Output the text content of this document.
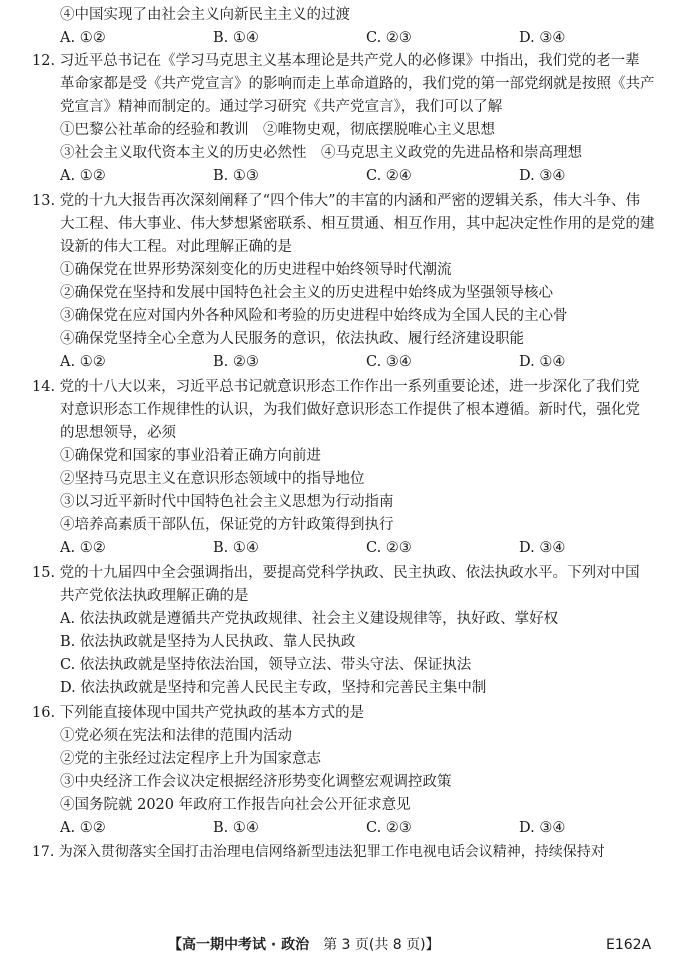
④中国实现了由社会主义向新民主主义的过渡
A. ①②	B. ①④	C. ②③	D. ③④
12. 习近平总书记在《学习马克思主义基本理论是共产党人的必修课》中指出，我们党的老一辈
革命家都是受《共产党宣言》的影响而走上革命道路的，我们党的第一部党纲就是按照《共产
党宣言》精神而制定的。通过学习研究《共产党宣言》，我们可以了解
①巴黎公社革命的经验和教训　②唯物史观，彻底摆脱唯心主义思想
③社会主义取代资本主义的历史必然性　④马克思主义政党的先进品格和崇高理想
A. ①②	B. ①③	C. ②④	D. ③④
13. 党的十九大报告再次深刻阐释了“四个伟大”的丰富的内涵和严密的逻辑关系，伟大斗争、伟
大工程、伟大事业、伟大梦想紧密联系、相互贯通、相互作用，其中起决定性作用的是党的建
设新的伟大工程。对此理解正确的是
①确保党在世界形势深刻变化的历史进程中始终领导时代潮流
②确保党在坚持和发展中国特色社会主义的历史进程中始终成为坚强领导核心
③确保党在应对国内外各种风险和考验的历史进程中始终成为全国人民的主心骨
④确保党坚持全心全意为人民服务的意识，依法执政、履行经济建设职能
A. ①②	B. ②③	C. ③④	D. ①④
14. 党的十八大以来，习近平总书记就意识形态工作作出一系列重要论述，进一步深化了我们党
对意识形态工作规律性的认识，为我们做好意识形态工作提供了根本遵循。新时代，强化党
的思想领导，必须
①确保党和国家的事业沿着正确方向前进
②坚持马克思主义在意识形态领域中的指导地位
③以习近平新时代中国特色社会主义思想为行动指南
④培养高素质干部队伍，保证党的方针政策得到执行
A. ①②	B. ①④	C. ②③	D. ③④
15. 党的十九届四中全会强调指出，要提高党科学执政、民主执政、依法执政水平。下列对中国
共产党依法执政理解正确的是
A. 依法执政就是遵循共产党执政规律、社会主义建设规律等，执好政、掌好权
B. 依法执政就是坚持为人民执政、靠人民执政
C. 依法执政就是坚持依法治国，领导立法、带头守法、保证执法
D. 依法执政就是坚持和完善人民民主专政，坚持和完善民主集中制
16. 下列能直接体现中国共产党执政的基本方式的是
①党必须在宪法和法律的范围内活动
②党的主张经过法定程序上升为国家意志
③中央经济工作会议决定根据经济形势变化调整宏观调控政策
④国务院就 2020 年政府工作报告向社会公开征求意见
A. ①②	B. ①④	C. ②③	D. ③④
17. 为深入贯彻落实全国打击治理电信网络新型违法犯罪工作电视电话会议精神，持续保持对
【高一期中考试 · 政治　第 3 页(共 8 页)】	E162A
